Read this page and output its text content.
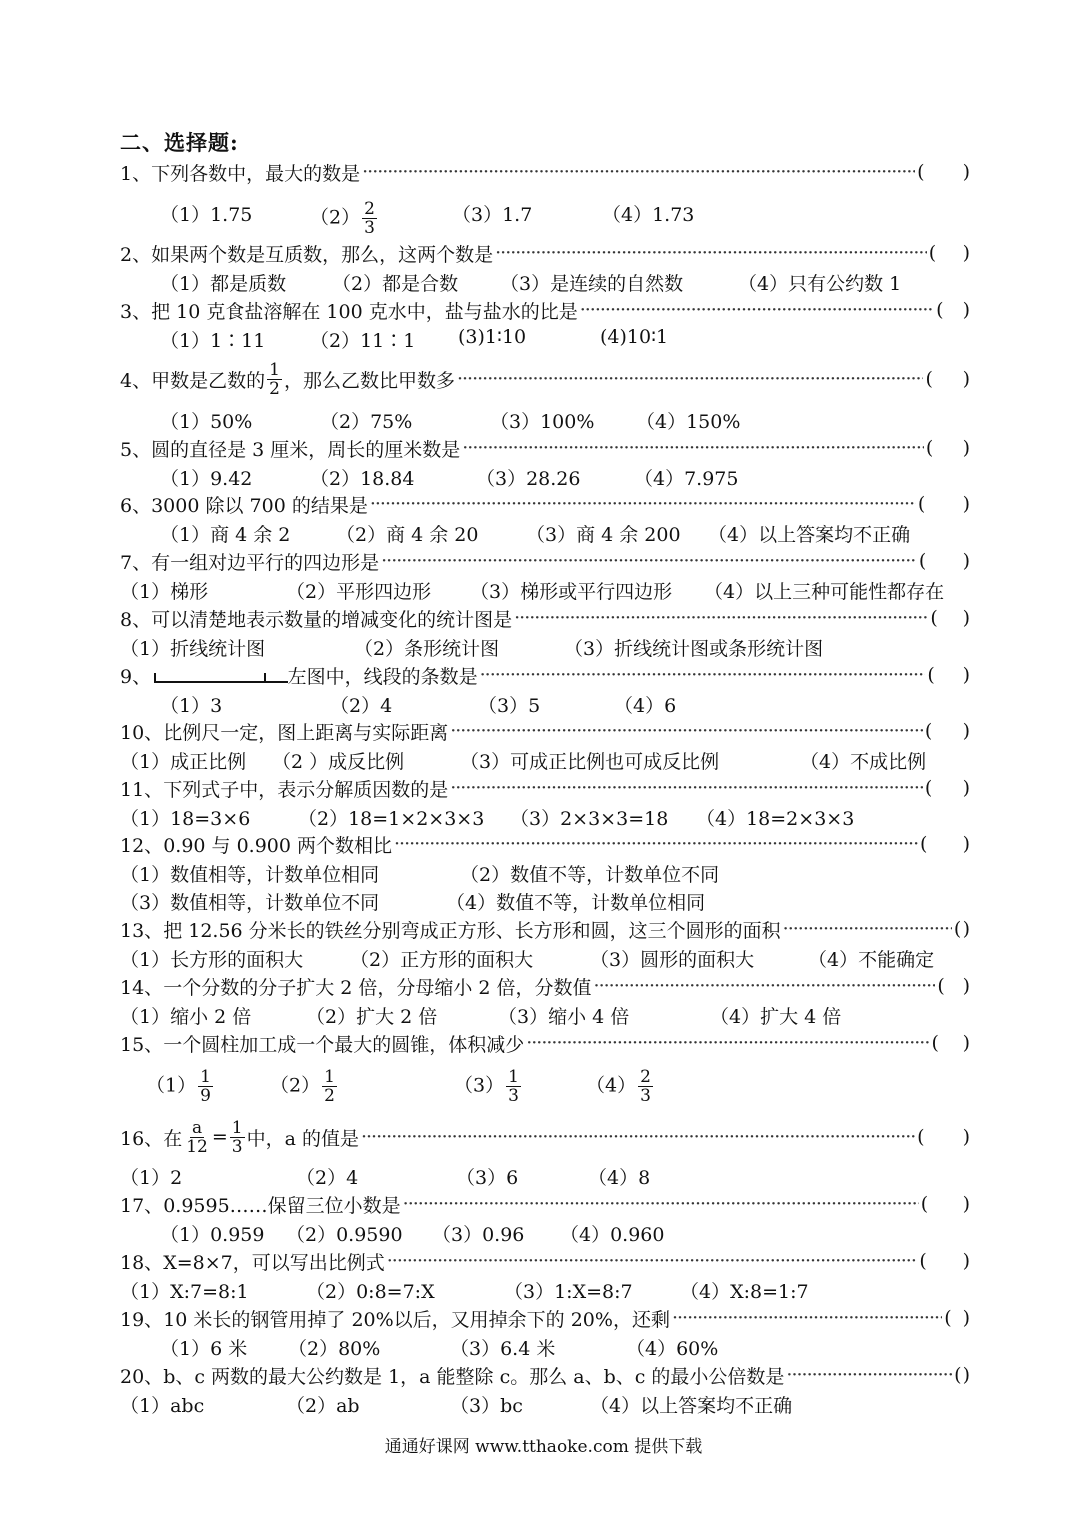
二、选择题:
1、 下列各数中，最大的数是 ·····	( )
（1）1.75	$(2) \frac{2}{3}$	（3）1.7	（4）1.73
2、 如果两个数是互质数，那么，这两个数是 ·····	( )
（1）都是质数 （2）都是合数 （3）是连续的自然数	（4）只有公约数 1
3、 把 10 克食盐溶解在 100 克水中，盐与盐水的比是 ·····	( )
（1）1∶11 （2）11∶1 (3)1∶10	(4)10∶1
4、 甲数是乙数的 $\frac{1}{2}$ ，那么乙数比甲数多 ·····	( )
（1）50%	（2）75%	（3）100% （4）150%
5、 圆的直径是 3 厘米，周长的厘米数是 ·····	( )
（1）9.42	（2）18.84	（3）28.26	（4）7.975
6、 3000 除以 700 的结果是 ·····	( )
（1）商 4 余 2 （2）商 4 余 20	（3）商 4 余 200 （4）以上答案均不正确
7、 有一组对边平行的四边形是 ·····	( )
（1）梯形	（2）平形四边形 （3）梯形或平行四边形 （4）以上三种可能性都存在
8、 可以清楚地表示数量的增减变化的统计图是 ·····	( )
（1）折线统计图	（2）条形统计图	（3）折线统计图或条形统计图
9、	左图中，线段的条数是 ·····	( )
（1）3	（2）4	（3）5	（4）6
10、 比例尺一定，图上距离与实际距离 ·····	( )
（1）成正比例 （2 ）成反比例	（3）可成正比例也可成反比例	（4）不成比例
11、 下列式子中，表示分解质因数的是 ·····	( )
（1）18=3×6	（2）18=1×2×3×3 （3）2×3×3=18 （4）18=2×3×3
12、 0.90 与 0.900 两个数相比 ·····	( )
（1）数值相等，计数单位相同	（2）数值不等，计数单位不同
（3）数值相等，计数单位不同	（4）数值不等，计数单位相同
13、 把 12.56 分米长的铁丝分别弯成正方形、长方形和圆，这三个圆形的面积 ·····	( )
（1）长方形的面积大 （2）正方形的面积大	（3）圆形的面积大	（4）不能确定
14、 一个分数的分子扩大 2 倍，分母缩小 2 倍，分数值 ·····	( )
（1）缩小 2 倍	（2）扩大 2 倍	（3）缩小 4 倍	（4）扩大 4 倍
15、 一个圆柱加工成一个最大的圆锥，体积减少 ·····	( )
$(1) \frac{1}{9}$	$(2) \frac{1}{2}$	$(3) \frac{1}{3}$	$(4) \frac{2}{3}$
16、 在 $\frac{a}{12} = \frac{1}{3}$ 中，a 的值是 ·····	( )
（1）2	（2）4	（3）6	（4）8
17、 0.9595……保留三位小数是 ·····	( )
（1）0.959 （2）0.9590 （3）0.96 （4）0.960
18、 X=8×7，可以写出比例式 ·····	( )
（1）X:7=8:1	（2）0:8=7:X	（3）1:X=8:7 （4）X:8=1:7
19、 10 米长的钢管用掉了 20%以后，又用掉余下的 20%，还剩 ·····	( )
（1）6 米 （2）80%	（3）6.4 米	（4）60%
20、 b、c 两数的最大公约数是 1，a 能整除 c。那么 a、b、c 的最小公倍数是 ·····	( )
（1）abc	（2）ab	（3）bc	（4）以上答案均不正确
通通好课网 www.tthaoke.com 提供下载
